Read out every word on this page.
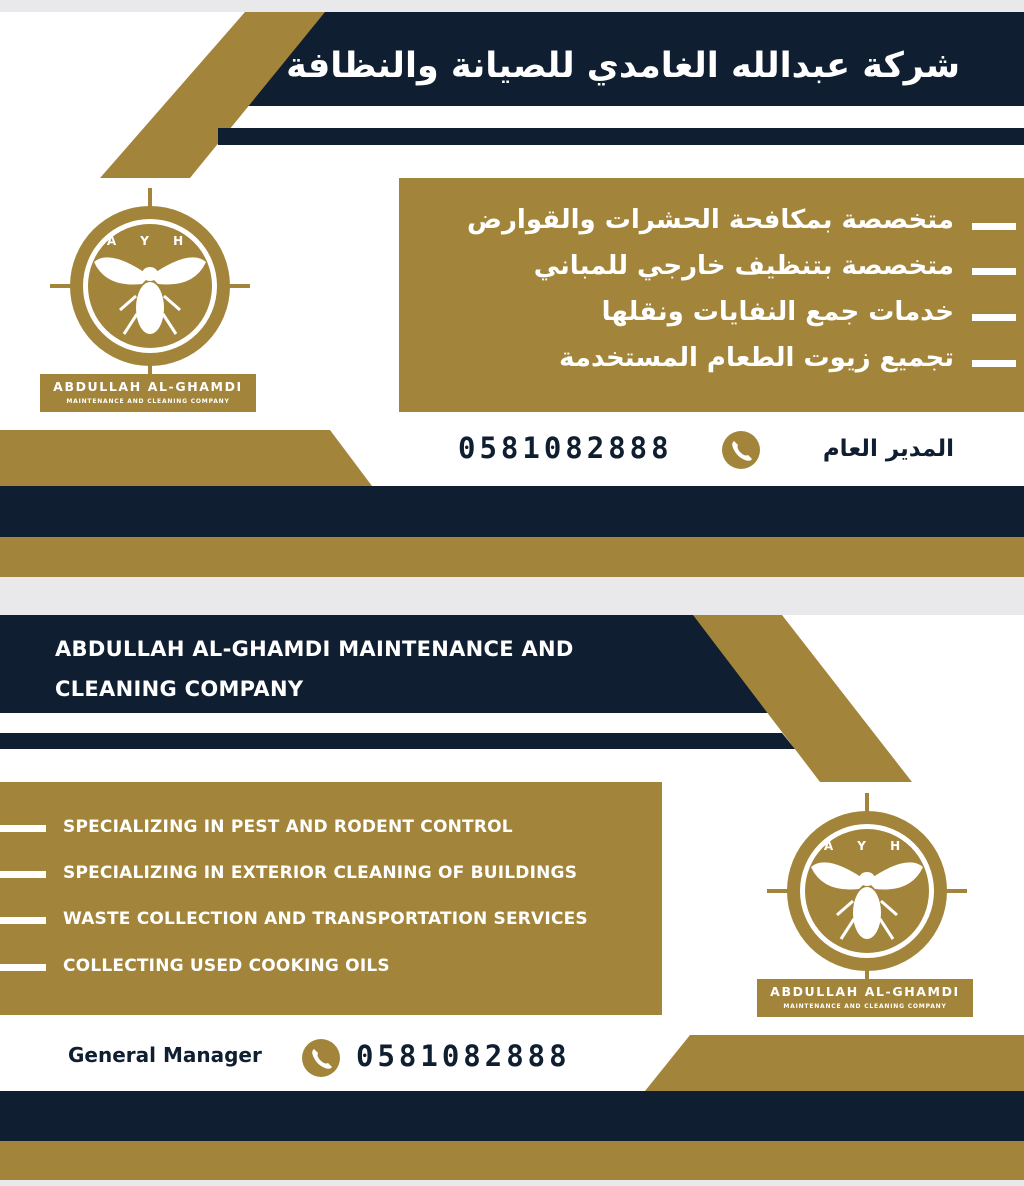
شركة عبدالله الغامدي للصيانة والنظافة
متخصصة بمكافحة الحشرات والقوارض
متخصصة بتنظيف خارجي للمباني
خدمات جمع النفايات ونقلها
تجميع زيوت الطعام المستخدمة
المدير العام
0581082888
A Y H
ABDULLAH AL-GHAMDI
MAINTENANCE AND CLEANING COMPANY
ABDULLAH AL-GHAMDI MAINTENANCE AND CLEANING COMPANY
SPECIALIZING IN PEST AND RODENT CONTROL
SPECIALIZING IN EXTERIOR CLEANING OF BUILDINGS
WASTE COLLECTION AND TRANSPORTATION SERVICES
COLLECTING USED COOKING OILS
General Manager	0581082888
A Y H
ABDULLAH AL-GHAMDI
MAINTENANCE AND CLEANING COMPANY
